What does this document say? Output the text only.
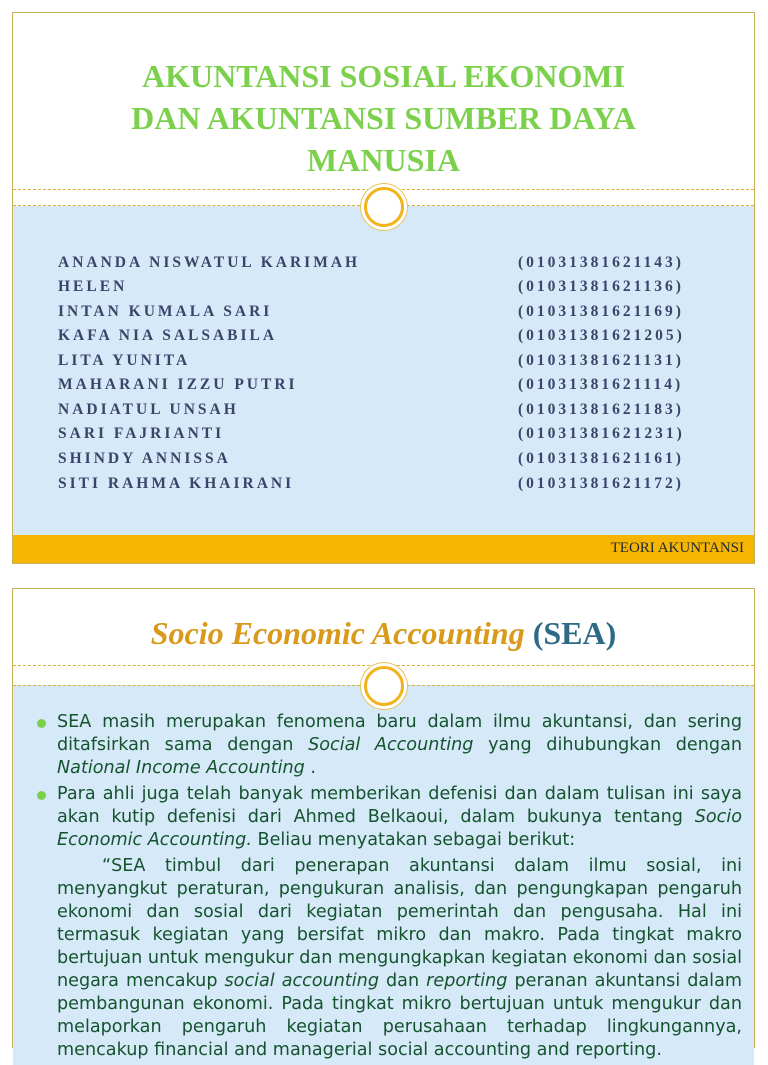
AKUNTANSI SOSIAL EKONOMI
DAN AKUNTANSI SUMBER DAYA
MANUSIA
ANANDA NISWATUL KARIMAH	(01031381621143)
HELEN	(01031381621136)
INTAN KUMALA SARI	(01031381621169)
KAFA NIA SALSABILA	(01031381621205)
LITA YUNITA	(01031381621131)
MAHARANI IZZU PUTRI	(01031381621114)
NADIATUL UNSAH	(01031381621183)
SARI FAJRIANTI	(01031381621231)
SHINDY ANNISSA	(01031381621161)
SITI RAHMA KHAIRANI	(01031381621172)
TEORI AKUNTANSI
Socio Economic Accounting (SEA)
SEA masih merupakan fenomena baru dalam ilmu akuntansi, dan sering ditafsirkan sama dengan Social Accounting yang dihubungkan dengan National Income Accounting .
Para ahli juga telah banyak memberikan defenisi dan dalam tulisan ini saya akan kutip defenisi dari Ahmed Belkaoui, dalam bukunya tentang Socio Economic Accounting. Beliau menyatakan sebagai berikut:
“SEA timbul dari penerapan akuntansi dalam ilmu sosial, ini menyangkut peraturan, pengukuran analisis, dan pengungkapan pengaruh ekonomi dan sosial dari kegiatan pemerintah dan pengusaha. Hal ini termasuk kegiatan yang bersifat mikro dan makro. Pada tingkat makro bertujuan untuk mengukur dan mengungkapkan kegiatan ekonomi dan sosial negara mencakup social accounting dan reporting peranan akuntansi dalam pembangunan ekonomi. Pada tingkat mikro bertujuan untuk mengukur dan melaporkan pengaruh kegiatan perusahaan terhadap lingkungannya, mencakup financial and managerial social accounting and reporting.
